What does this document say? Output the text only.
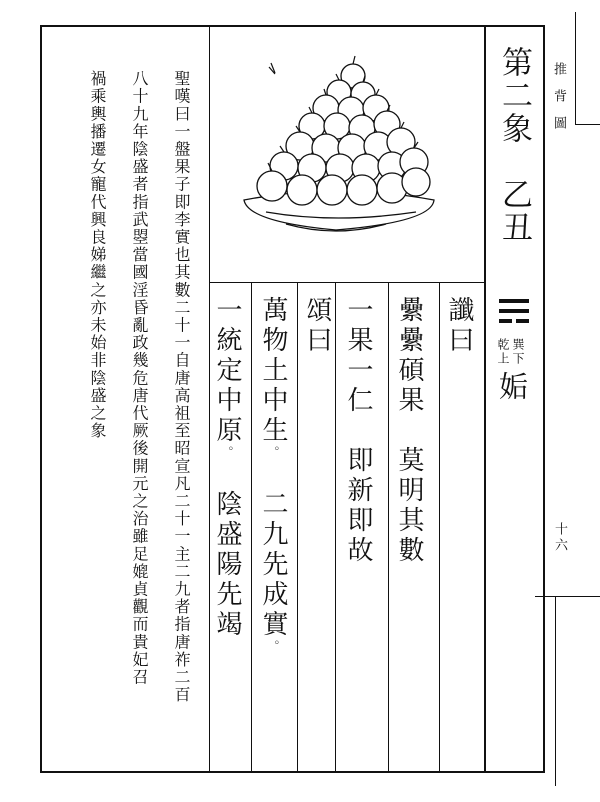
推背圖
十六
第二象　乙丑
巽下
乾上
姤
讖曰
纍纍碩果　莫明其數
一果一仁　即新即故
頌曰
萬物土中生 。
二九先成實 。
一統定中原 。
陰盛陽先竭
聖嘆曰一盤果子即李實也其數二十一自唐高祖至昭宣凡二十一主二九者指唐祚二百
八十九年陰盛者指武曌當國淫昏亂政幾危唐代厥後開元之治雖足媲貞觀而貴妃召
禍乘輿播遷女寵代興良娣繼之亦未始非陰盛之象
